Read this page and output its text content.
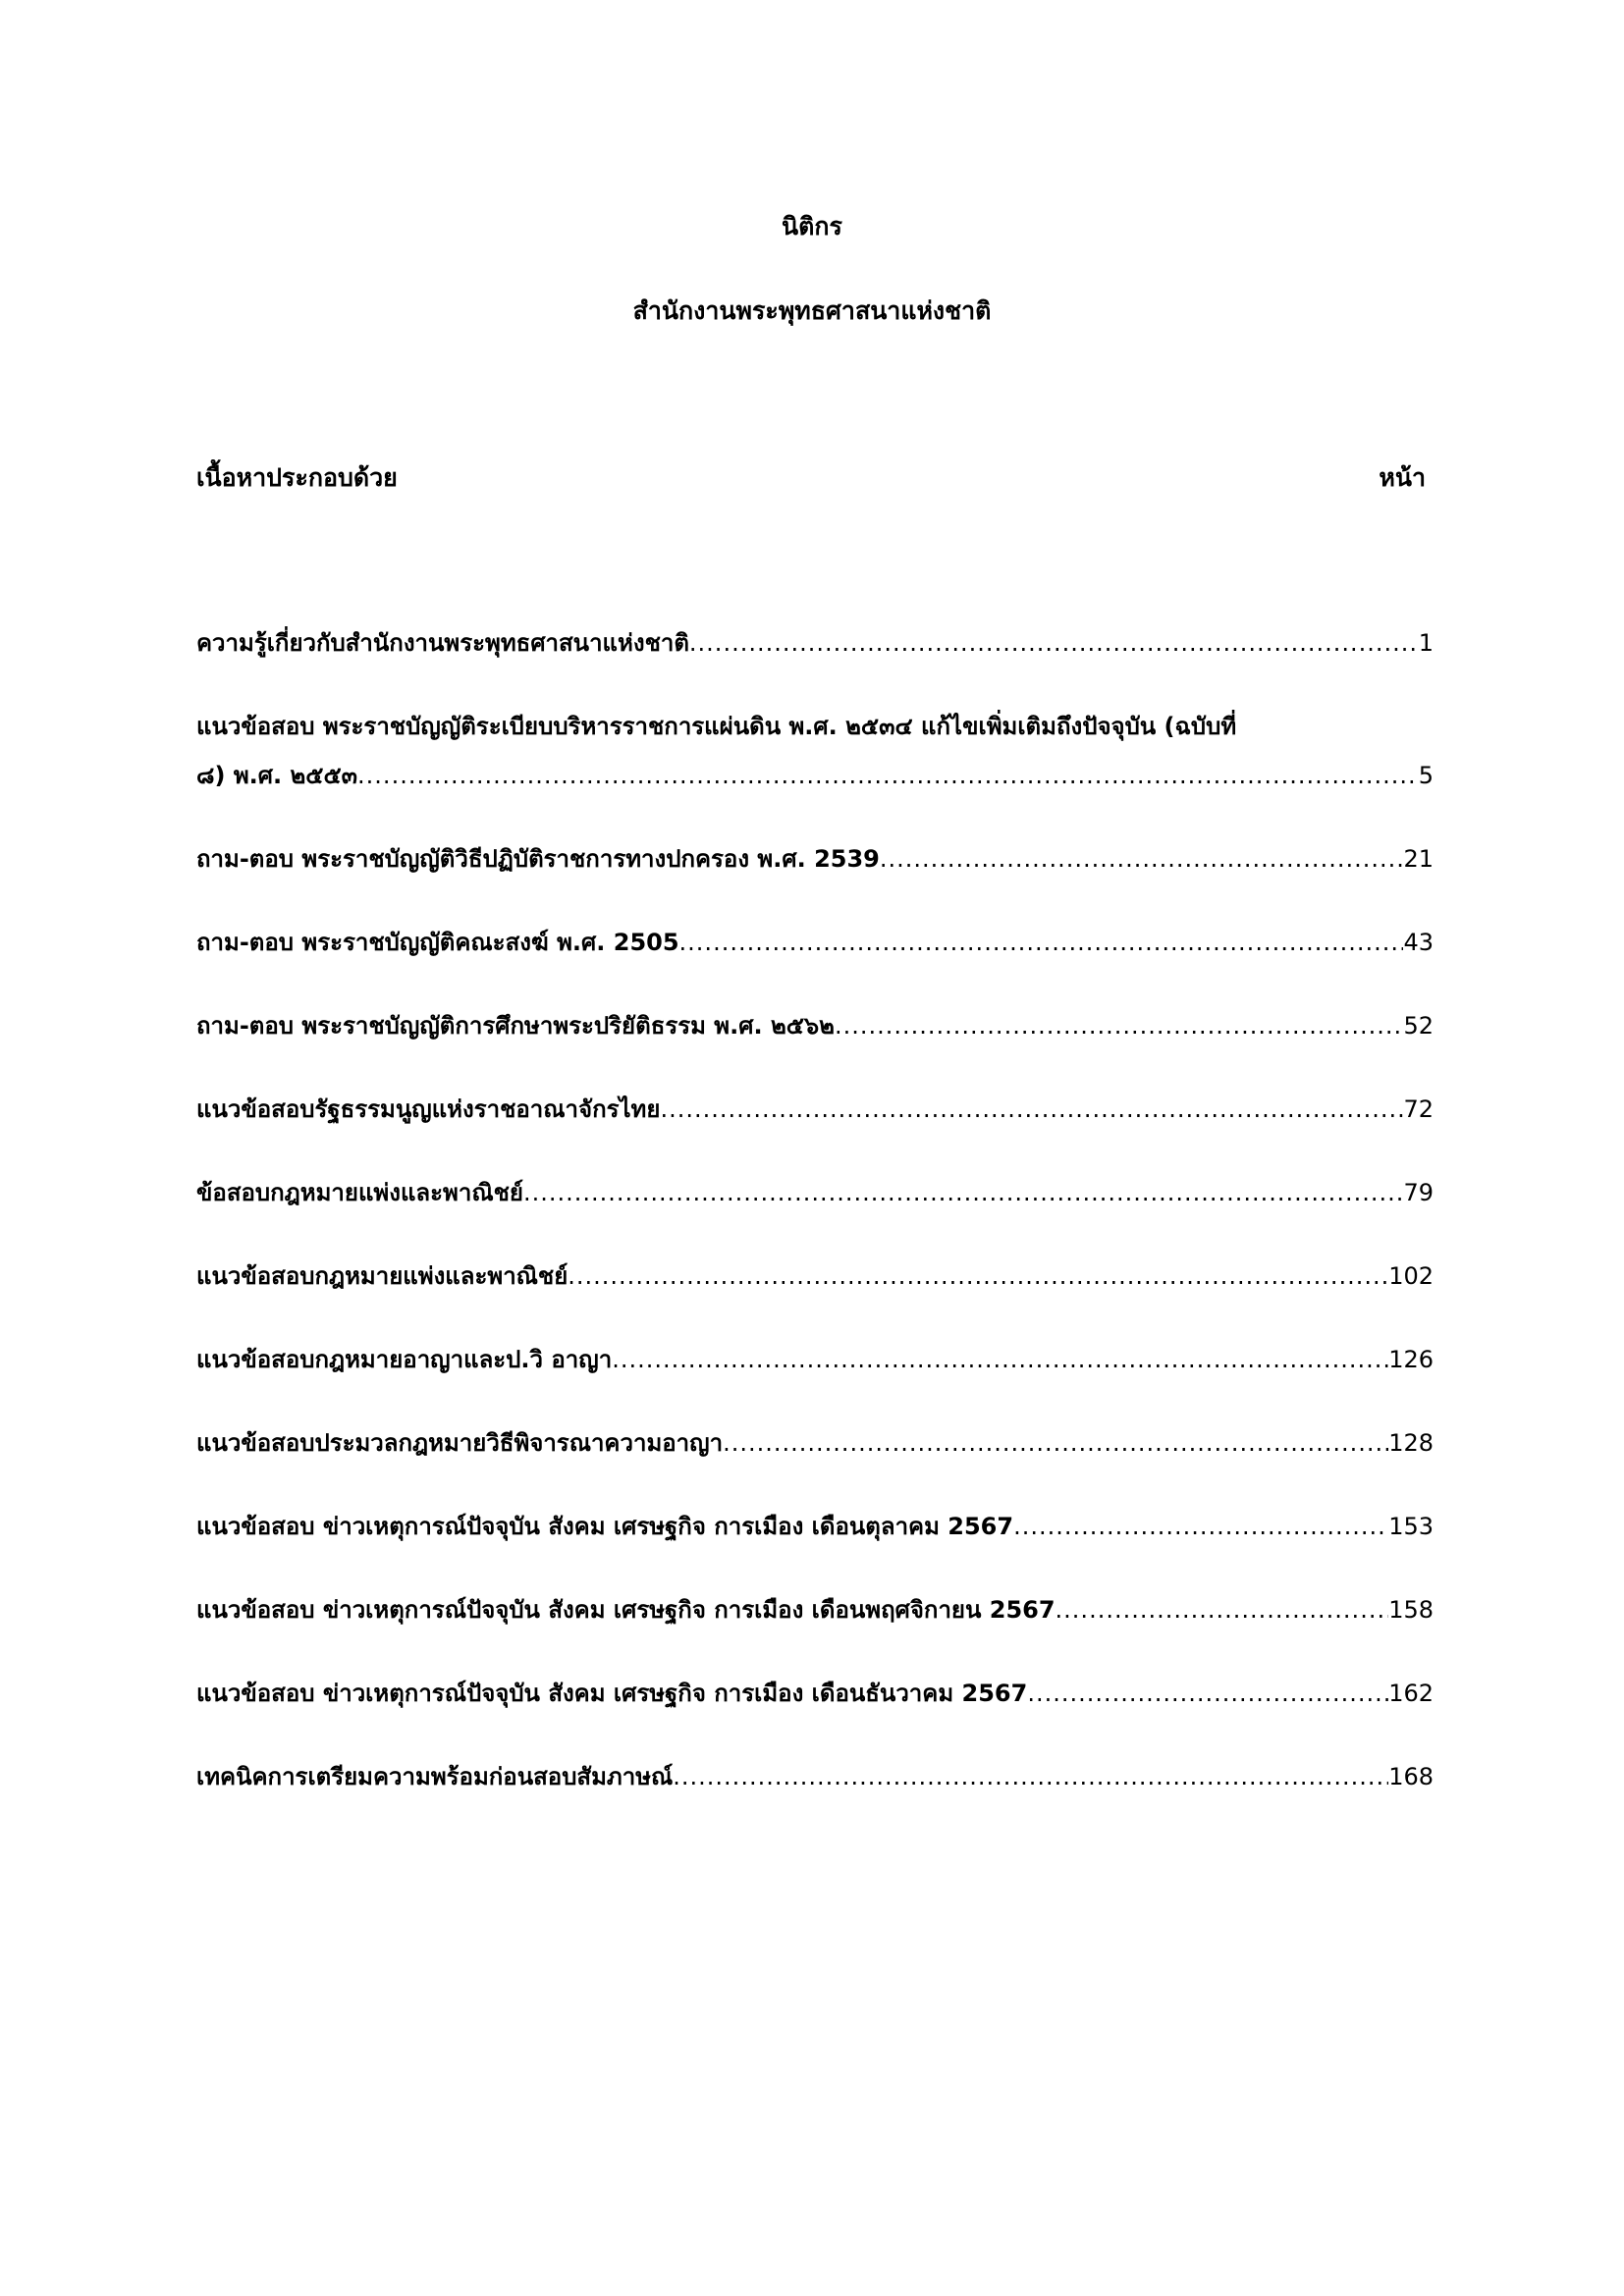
นิติกร
สำนักงานพระพุทธศาสนาแห่งชาติ
เนื้อหาประกอบด้วย	หน้า
ความรู้เกี่ยวกับสำนักงานพระพุทธศาสนาแห่งชาติ .....	1
แนวข้อสอบ พระราชบัญญัติระเบียบบริหารราชการแผ่นดิน พ.ศ. ๒๕๓๔ แก้ไขเพิ่มเติมถึงปัจจุบัน (ฉบับที่
๘) พ.ศ. ๒๕๕๓ .....	5
ถาม-ตอบ พระราชบัญญัติวิธีปฏิบัติราชการทางปกครอง พ.ศ. 2539 .....	21
ถาม-ตอบ พระราชบัญญัติคณะสงฆ์ พ.ศ. 2505 .....	43
ถาม-ตอบ พระราชบัญญัติการศึกษาพระปริยัติธรรม พ.ศ. ๒๕๖๒ .....	52
แนวข้อสอบรัฐธรรมนูญแห่งราชอาณาจักรไทย .....	72
ข้อสอบกฎหมายแพ่งและพาณิชย์ .....	79
แนวข้อสอบกฎหมายแพ่งและพาณิชย์ .....	102
แนวข้อสอบกฎหมายอาญาและป.วิ อาญา .....	126
แนวข้อสอบประมวลกฎหมายวิธีพิจารณาความอาญา .....	128
แนวข้อสอบ ข่าวเหตุการณ์ปัจจุบัน สังคม เศรษฐกิจ การเมือง เดือนตุลาคม 2567 .....	153
แนวข้อสอบ ข่าวเหตุการณ์ปัจจุบัน สังคม เศรษฐกิจ การเมือง เดือนพฤศจิกายน 2567 .....	158
แนวข้อสอบ ข่าวเหตุการณ์ปัจจุบัน สังคม เศรษฐกิจ การเมือง เดือนธันวาคม 2567 .....	162
เทคนิคการเตรียมความพร้อมก่อนสอบสัมภาษณ์ .....	168
